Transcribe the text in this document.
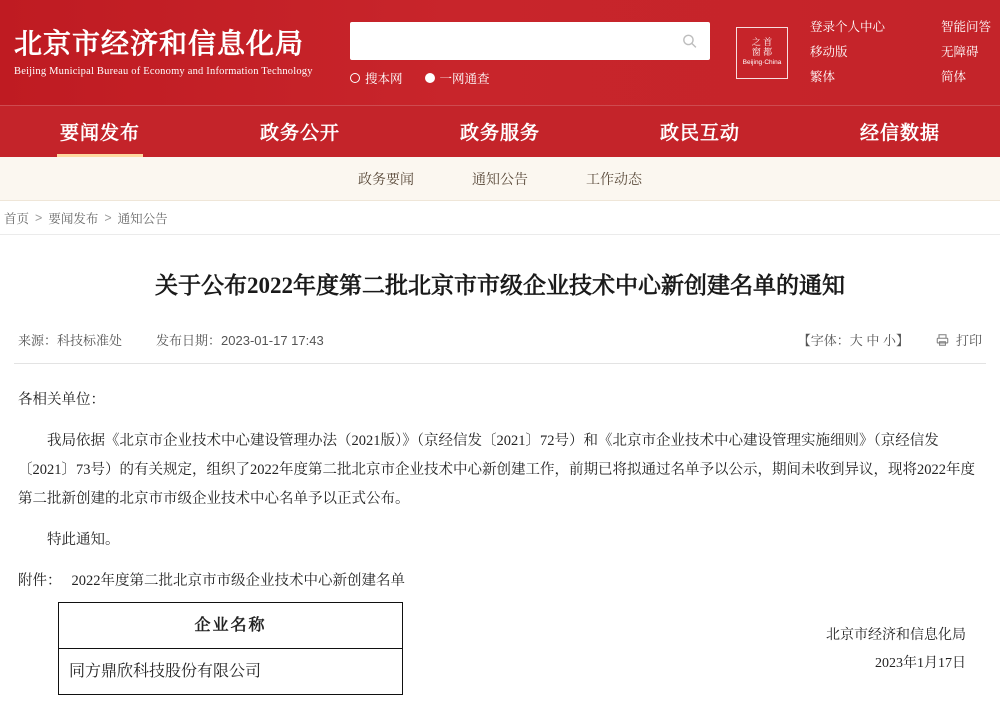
北京市经济和信息化局
Beijing Municipal Bureau of Economy and Information Technology
搜本网	一网通查
之 首
窗 都
Beijing·China
登录个人中心
移动版
繁体
智能问答
无障碍
简体
要闻发布	政务公开	政务服务	政民互动	经信数据
政务要闻	通知公告	工作动态
首页 > 要闻发布 > 通知公告
关于公布2022年度第二批北京市市级企业技术中心新创建名单的通知
来源：科技标准处	发布日期：2023-01-17 17:43	【字体：大 中 小】	打印

各相关单位：

我局依据《北京市企业技术中心建设管理办法（2021版）》（京经信发〔2021〕72号）和《北京市企业技术中心建设管理实施细则》（京经信发〔2021〕73号）的有关规定，组织了2022年度第二批北京市企业技术中心新创建工作，前期已将拟通过名单予以公示，期间未收到异议，现将2022年度第二批新创建的北京市市级企业技术中心名单予以正式公布。

特此通知。

附件： 2022年度第二批北京市市级企业技术中心新创建名单
企业名称
同方鼎欣科技股份有限公司
北京市经济和信息化局
2023年1月17日
